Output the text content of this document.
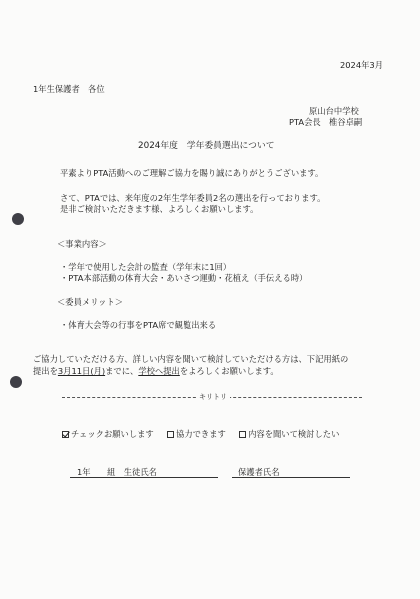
2024年3月
1年生保護者　各位
原山台中学校
PTA会長　椎谷卓嗣
2024年度　学年委員選出について
平素よりPTA活動へのご理解ご協力を賜り誠にありがとうございます。
さて、PTAでは、来年度の2年生学年委員2名の選出を行っております。
是非ご検討いただきます様、よろしくお願いします。
＜事業内容＞
・学年で使用した会計の監査（学年末に1回）
・PTA本部活動の体育大会・あいさつ運動・花植え（手伝える時）
＜委員メリット＞
・体育大会等の行事をPTA席で観覧出来る
ご協力していただける方、詳しい内容を聞いて検討していただける方は、下記用紙の
提出を3月11日(月)までに、学校へ提出をよろしくお願いします。
キリトリ
チェックお願いします	協力できます	内容を聞いて検討したい
1年　　組　生徒氏名	保護者氏名
